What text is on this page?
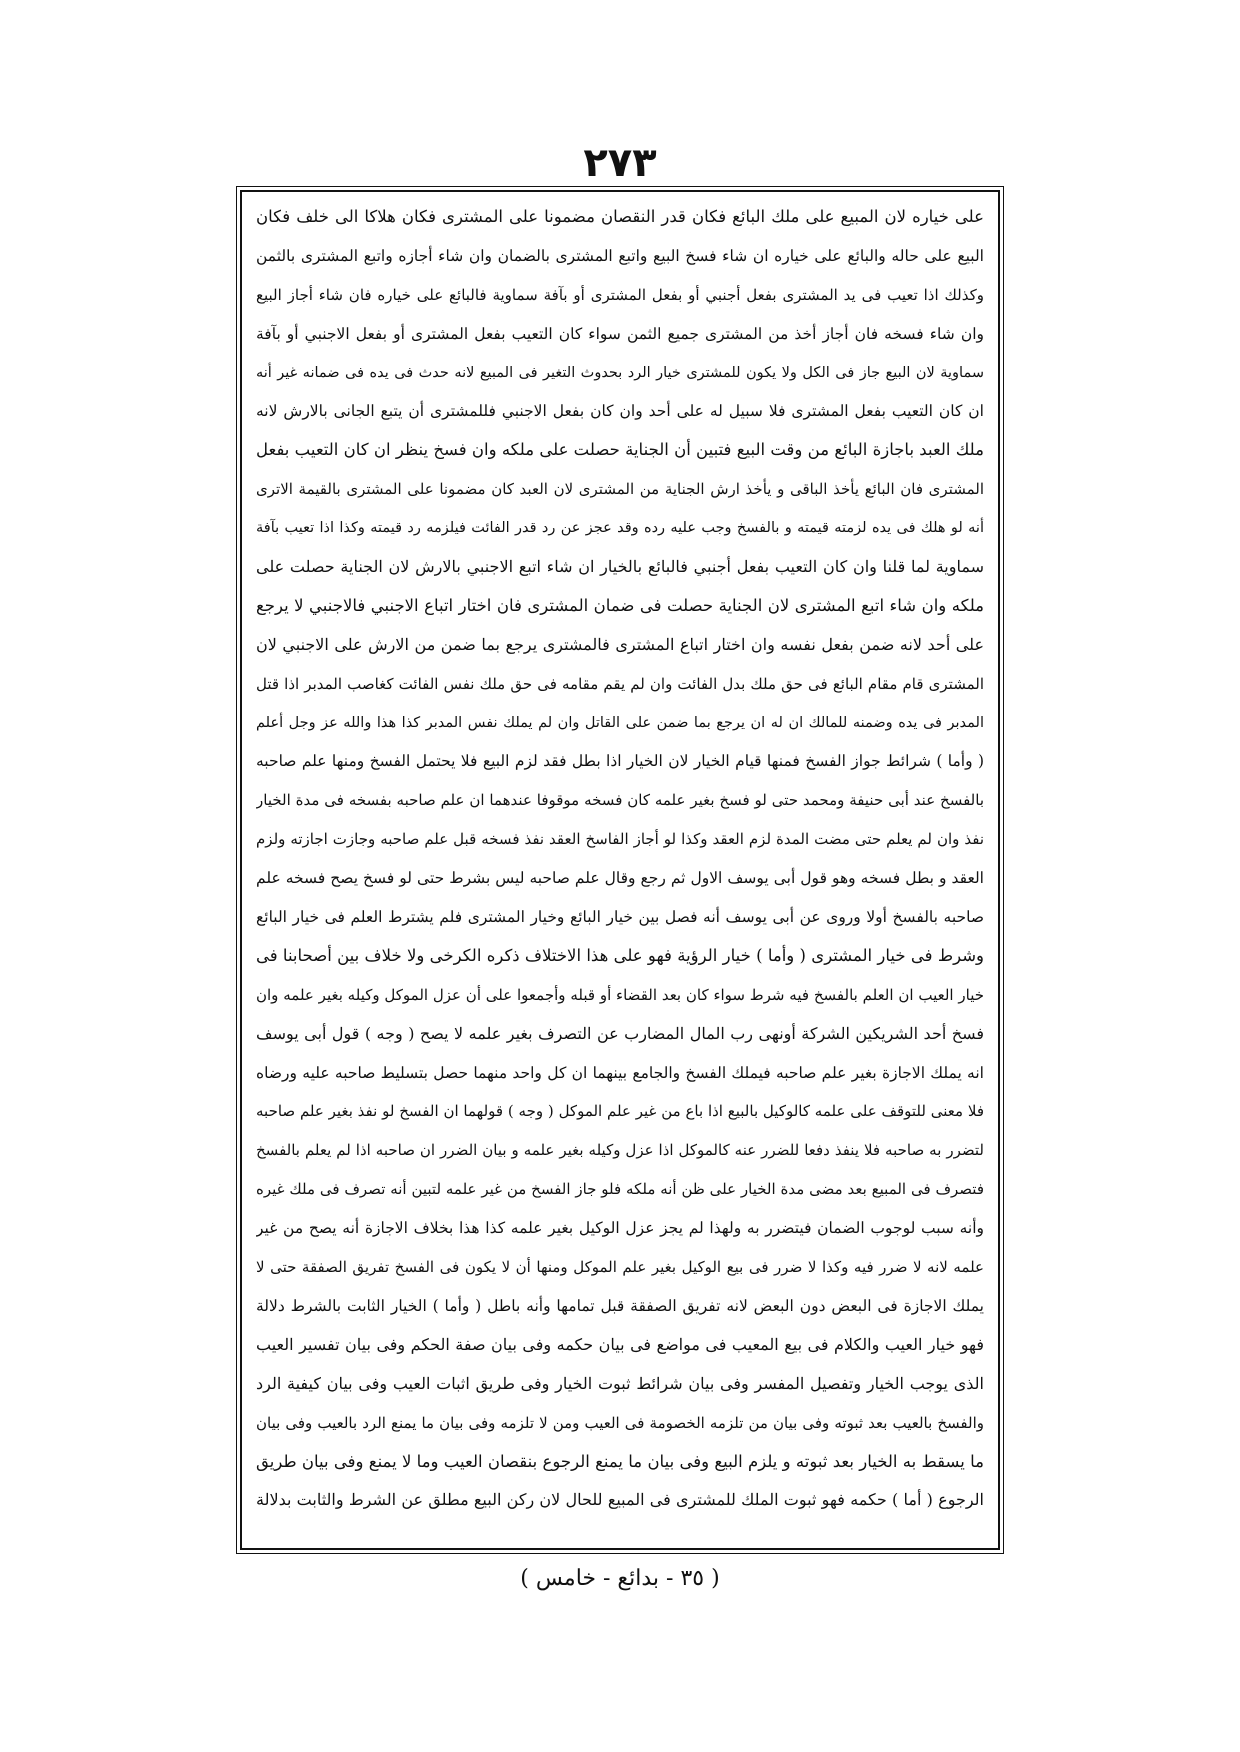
٢٧٣
على خياره لان المبيع على ملك البائع فكان قدر النقصان مضمونا على المشترى فكان هلاكا الى خلف فكان
البيع على حاله والبائع على خياره ان شاء فسخ البيع واتبع المشترى بالضمان وان شاء أجازه واتبع المشترى بالثمن
وكذلك اذا تعيب فى يد المشترى بفعل أجنبي أو بفعل المشترى أو بآفة سماوية فالبائع على خياره فان شاء أجاز البيع
وان شاء فسخه فان أجاز أخذ من المشترى جميع الثمن سواء كان التعيب بفعل المشترى أو بفعل الاجنبي أو بآفة
سماوية لان البيع جاز فى الكل ولا يكون للمشترى خيار الرد بحدوث التغير فى المبيع لانه حدث فى يده فى ضمانه غير أنه
ان كان التعيب بفعل المشترى فلا سبيل له على أحد وان كان بفعل الاجنبي فللمشترى أن يتبع الجانى بالارش لانه
ملك العبد باجازة البائع من وقت البيع فتبين أن الجناية حصلت على ملكه وان فسخ ينظر ان كان التعيب بفعل
المشترى فان البائع يأخذ الباقى و يأخذ ارش الجناية من المشترى لان العبد كان مضمونا على المشترى بالقيمة الاترى
أنه لو هلك فى يده لزمته قيمته و بالفسخ وجب عليه رده وقد عجز عن رد قدر الفائت فيلزمه رد قيمته وكذا اذا تعيب بآفة
سماوية لما قلنا وان كان التعيب بفعل أجنبي فالبائع بالخيار ان شاء اتبع الاجنبي بالارش لان الجناية حصلت على
ملكه وان شاء اتبع المشترى لان الجناية حصلت فى ضمان المشترى فان اختار اتباع الاجنبي فالاجنبي لا يرجع
على أحد لانه ضمن بفعل نفسه وان اختار اتباع المشترى فالمشترى يرجع بما ضمن من الارش على الاجنبي لان
المشترى قام مقام البائع فى حق ملك بدل الفائت وان لم يقم مقامه فى حق ملك نفس الفائت كغاصب المدبر اذا قتل
المدبر فى يده وضمنه للمالك ان له ان يرجع بما ضمن على القاتل وان لم يملك نفس المدبر كذا هذا والله عز وجل أعلم
( وأما ) شرائط جواز الفسخ فمنها قيام الخيار لان الخيار اذا بطل فقد لزم البيع فلا يحتمل الفسخ ومنها علم صاحبه
بالفسخ عند أبى حنيفة ومحمد حتى لو فسخ بغير علمه كان فسخه موقوفا عندهما ان علم صاحبه بفسخه فى مدة الخيار
نفذ وان لم يعلم حتى مضت المدة لزم العقد وكذا لو أجاز الفاسخ العقد نفذ فسخه قبل علم صاحبه وجازت اجازته ولزم
العقد و بطل فسخه وهو قول أبى يوسف الاول ثم رجع وقال علم صاحبه ليس بشرط حتى لو فسخ يصح فسخه علم
صاحبه بالفسخ أولا وروى عن أبى يوسف أنه فصل بين خيار البائع وخيار المشترى فلم يشترط العلم فى خيار البائع
وشرط فى خيار المشترى ( وأما ) خيار الرؤية فهو على هذا الاختلاف ذكره الكرخى ولا خلاف بين أصحابنا فى
خيار العيب ان العلم بالفسخ فيه شرط سواء كان بعد القضاء أو قبله وأجمعوا على أن عزل الموكل وكيله بغير علمه وان
فسخ أحد الشريكين الشركة أونهى رب المال المضارب عن التصرف بغير علمه لا يصح ( وجه ) قول أبى يوسف
انه يملك الاجازة بغير علم صاحبه فيملك الفسخ والجامع بينهما ان كل واحد منهما حصل بتسليط صاحبه عليه ورضاه
فلا معنى للتوقف على علمه كالوكيل بالبيع اذا باع من غير علم الموكل ( وجه ) قولهما ان الفسخ لو نفذ بغير علم صاحبه
لتضرر به صاحبه فلا ينفذ دفعا للضرر عنه كالموكل اذا عزل وكيله بغير علمه و بيان الضرر ان صاحبه اذا لم يعلم بالفسخ
فتصرف فى المبيع بعد مضى مدة الخيار على ظن أنه ملكه فلو جاز الفسخ من غير علمه لتبين أنه تصرف فى ملك غيره
وأنه سبب لوجوب الضمان فيتضرر به ولهذا لم يجز عزل الوكيل بغير علمه كذا هذا بخلاف الاجازة أنه يصح من غير
علمه لانه لا ضرر فيه وكذا لا ضرر فى بيع الوكيل بغير علم الموكل ومنها أن لا يكون فى الفسخ تفريق الصفقة حتى لا
يملك الاجازة فى البعض دون البعض لانه تفريق الصفقة قبل تمامها وأنه باطل ( وأما ) الخيار الثابت بالشرط دلالة
فهو خيار العيب والكلام فى بيع المعيب فى مواضع فى بيان حكمه وفى بيان صفة الحكم وفى بيان تفسير العيب
الذى يوجب الخيار وتفصيل المفسر وفى بيان شرائط ثبوت الخيار وفى طريق اثبات العيب وفى بيان كيفية الرد
والفسخ بالعيب بعد ثبوته وفى بيان من تلزمه الخصومة فى العيب ومن لا تلزمه وفى بيان ما يمنع الرد بالعيب وفى بيان
ما يسقط به الخيار بعد ثبوته و يلزم البيع وفى بيان ما يمنع الرجوع بنقصان العيب وما لا يمنع وفى بيان طريق
الرجوع ( أما ) حكمه فهو ثبوت الملك للمشترى فى المبيع للحال لان ركن البيع مطلق عن الشرط والثابت بدلالة
( ٣٥ - بدائع - خامس )
